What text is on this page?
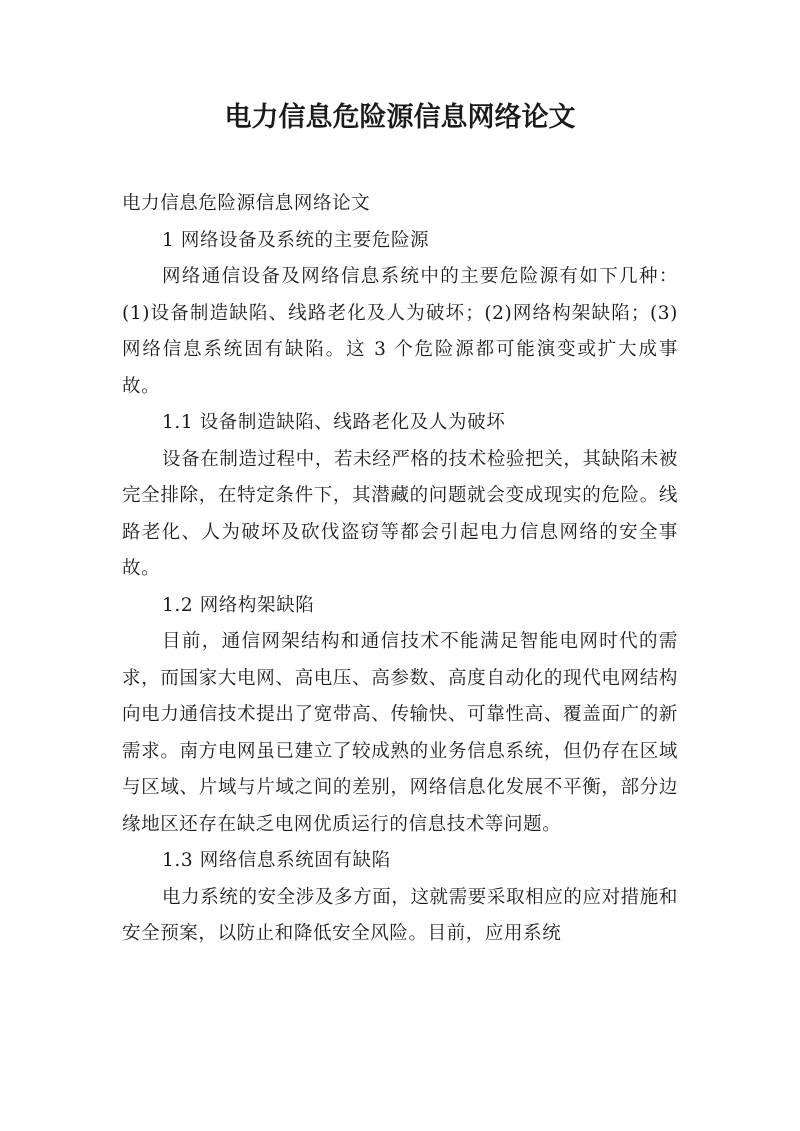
电力信息危险源信息网络论文

电力信息危险源信息网络论文

1 网络设备及系统的主要危险源

网络通信设备及网络信息系统中的主要危险源有如下几种：(1)设备制造缺陷、线路老化及人为破坏；(2)网络构架缺陷；(3)网络信息系统固有缺陷。这 3 个危险源都可能演变或扩大成事故。

1.1 设备制造缺陷、线路老化及人为破坏

设备在制造过程中，若未经严格的技术检验把关，其缺陷未被完全排除，在特定条件下，其潜藏的问题就会变成现实的危险。线路老化、人为破坏及砍伐盗窃等都会引起电力信息网络的安全事故。

1.2 网络构架缺陷

目前，通信网架结构和通信技术不能满足智能电网时代的需求，而国家大电网、高电压、高参数、高度自动化的现代电网结构向电力通信技术提出了宽带高、传输快、可靠性高、覆盖面广的新需求。南方电网虽已建立了较成熟的业务信息系统，但仍存在区域与区域、片域与片域之间的差别，网络信息化发展不平衡，部分边缘地区还存在缺乏电网优质运行的信息技术等问题。

1.3 网络信息系统固有缺陷

电力系统的安全涉及多方面，这就需要采取相应的应对措施和安全预案，以防止和降低安全风险。目前，应用系统
